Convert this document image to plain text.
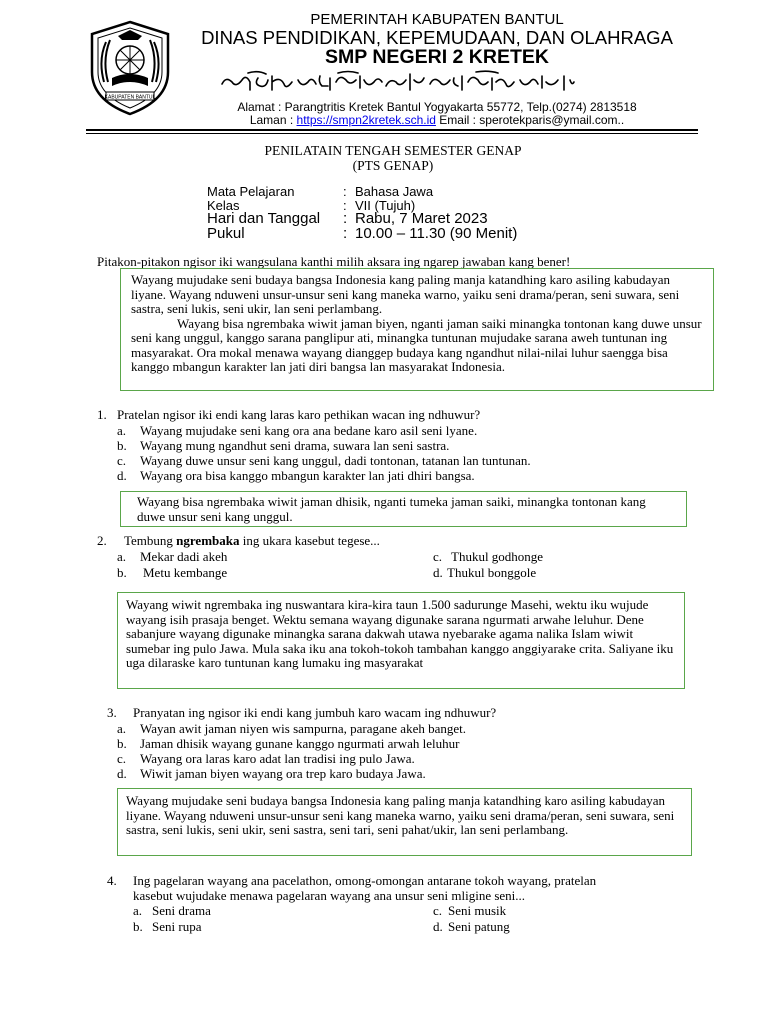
KABUPATEN BANTUL
PEMERINTAH KABUPATEN BANTUL
DINAS PENDIDIKAN, KEPEMUDAAN, DAN OLAHRAGA
SMP NEGERI 2 KRETEK
Alamat : Parangtritis Kretek Bantul Yogyakarta 55772, Telp.(0274) 2813518
Laman : https://smpn2kretek.sch.id Email : sperotekparis@ymail.com..
PENILATAIN TENGAH SEMESTER GENAP
(PTS GENAP)
Mata Pelajaran	: Bahasa Jawa
Kelas	: VII (Tujuh)
Hari dan Tanggal : Rabu, 7 Maret 2023
Pukul	: 10.00 – 11.30 (90 Menit)
Pitakon-pitakon ngisor iki wangsulana kanthi milih aksara ing ngarep jawaban kang bener!

Wayang mujudake seni budaya bangsa Indonesia kang paling manja katandhing karo asiling kabudayan liyane. Wayang nduweni unsur-unsur seni kang maneka warno, yaiku seni drama/peran, seni suwara, seni sastra, seni lukis, seni ukir, lan seni perlambang.

Wayang bisa ngrembaka wiwit jaman biyen, nganti jaman saiki minangka tontonan kang duwe unsur seni kang unggul, kanggo sarana panglipur ati, minangka tuntunan mujudake sarana aweh tuntunan ing masyarakat. Ora mokal menawa wayang dianggep budaya kang ngandhut nilai-nilai luhur saengga bisa kanggo mbangun karakter lan jati diri bangsa lan masyarakat Indonesia.

1. Pratelan ngisor iki endi kang laras karo pethikan wacan ing ndhuwur?
a. Wayang mujudake seni kang ora ana bedane karo asil seni lyane.
b. Wayang mung ngandhut seni drama, suwara lan seni sastra.
c. Wayang duwe unsur seni kang unggul, dadi tontonan, tatanan lan tuntunan.
d. Wayang ora bisa kanggo mbangun karakter lan jati dhiri bangsa.

Wayang bisa ngrembaka wiwit jaman dhisik, nganti tumeka jaman saiki, minangka tontonan kang duwe unsur seni kang unggul.

2. Tembung ngrembaka ing ukara kasebut tegese...
a. Mekar dadi akeh	c. Thukul godhonge
b. Metu kembange	d. Thukul bonggole

Wayang wiwit ngrembaka ing nuswantara kira-kira taun 1.500 sadurunge Masehi, wektu iku wujude wayang isih prasaja benget. Wektu semana wayang digunake sarana ngurmati arwahe leluhur. Dene sabanjure wayang digunake minangka sarana dakwah utawa nyebarake agama nalika Islam wiwit sumebar ing pulo Jawa. Mula saka iku ana tokoh-tokoh tambahan kanggo anggiyarake crita. Saliyane iku uga dilaraske karo tuntunan kang lumaku ing masyarakat

3. Pranyatan ing ngisor iki endi kang jumbuh karo wacam ing ndhuwur?
a. Wayan awit jaman niyen wis sampurna, paragane akeh banget.
b. Jaman dhisik wayang gunane kanggo ngurmati arwah leluhur
c. Wayang ora laras karo adat lan tradisi ing pulo Jawa.
d. Wiwit jaman biyen wayang ora trep karo budaya Jawa.

Wayang mujudake seni budaya bangsa Indonesia kang paling manja katandhing karo asiling kabudayan liyane. Wayang nduweni unsur-unsur seni kang maneka warno, yaiku seni drama/peran, seni suwara, seni sastra, seni lukis, seni ukir, seni sastra, seni tari, seni pahat/ukir, lan seni perlambang.

4. Ing pagelaran wayang ana pacelathon, omong-omongan antarane tokoh wayang, pratelan
kasebut wujudake menawa pagelaran wayang ana unsur seni mligine seni...
a. Seni drama	c. Seni musik
b. Seni rupa	d. Seni patung
